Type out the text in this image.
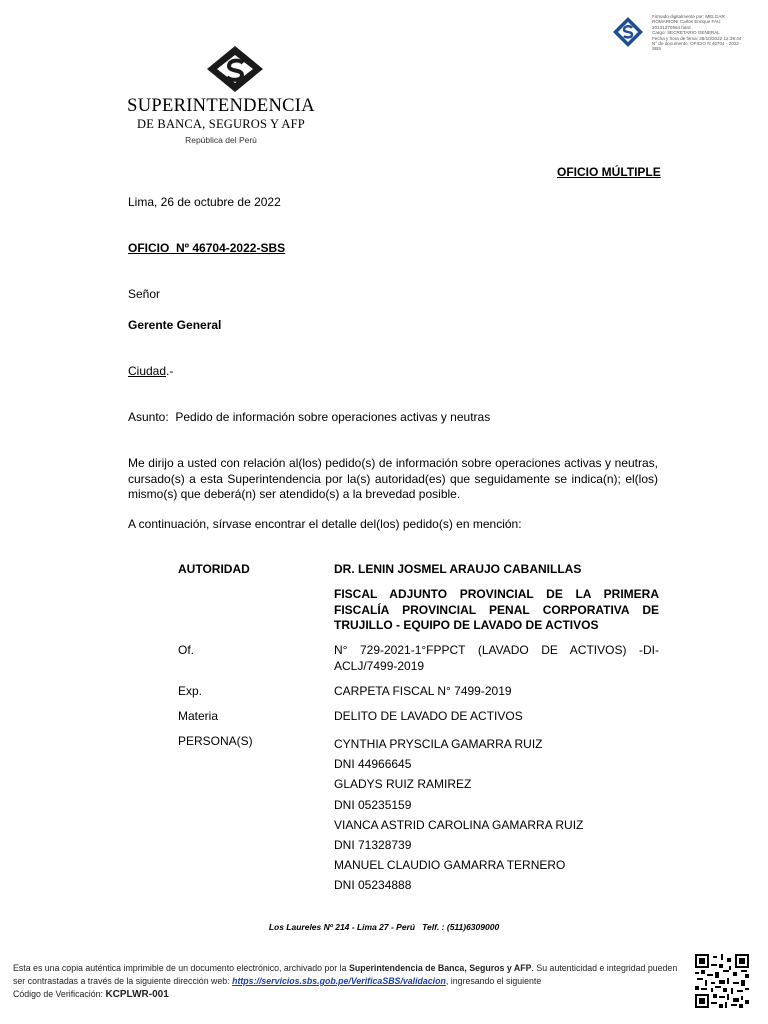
SUPERINTENDENCIA
DE BANCA, SEGUROS Y AFP
República del Perú
Firmado digitalmente por: MELGAR
ROMARIONI Carlos Enrique FAU
20131370564 hard
Cargo: SECRETARIO GENERAL
Fecha y hora de firma: 26/10/2022 12:38:44
N° de documento: OFICIO N 46704 - 2022 -
SBS
OFICIO MÚLTIPLE
Lima, 26 de octubre de 2022
OFICIO  Nº 46704-2022-SBS
Señor
Gerente General
Ciudad.-
Asunto:  Pedido de información sobre operaciones activas y neutras
Me dirijo a usted con relación al(los) pedido(s) de información sobre operaciones activas y neutras, cursado(s) a esta Superintendencia por la(s) autoridad(es) que seguidamente se indica(n); el(los) mismo(s) que deberá(n) ser atendido(s) a la brevedad posible.
A continuación, sírvase encontrar el detalle del(los) pedido(s) en mención:
AUTORIDAD	DR. LENIN JOSMEL ARAUJO CABANILLAS
FISCAL ADJUNTO PROVINCIAL DE LA PRIMERA FISCALÍA PROVINCIAL PENAL CORPORATIVA DE TRUJILLO - EQUIPO DE LAVADO DE ACTIVOS
Of.	N° 729-2021-1°FPPCT (LAVADO DE ACTIVOS) -DI-ACLJ/7499-2019
Exp.	CARPETA FISCAL N° 7499-2019
Materia	DELITO DE LAVADO DE ACTIVOS
PERSONA(S)	CYNTHIA PRYSCILA GAMARRA RUIZ
DNI 44966645
GLADYS RUIZ RAMIREZ
DNI 05235159
VIANCA ASTRID CAROLINA GAMARRA RUIZ
DNI 71328739
MANUEL CLAUDIO GAMARRA TERNERO
DNI 05234888
Los Laureles Nº 214 - Lima 27 - Perú   Telf. : (511)6309000
Esta es una copia auténtica imprimible de un documento electrónico, archivado por la Superintendencia de Banca, Seguros y AFP. Su autenticidad e integridad pueden ser contrastadas a través de la siguiente dirección web: https://servicios.sbs.gob.pe/VerificaSBS/validacion, ingresando el siguiente
Código de Verificación: KCPLWR-001
